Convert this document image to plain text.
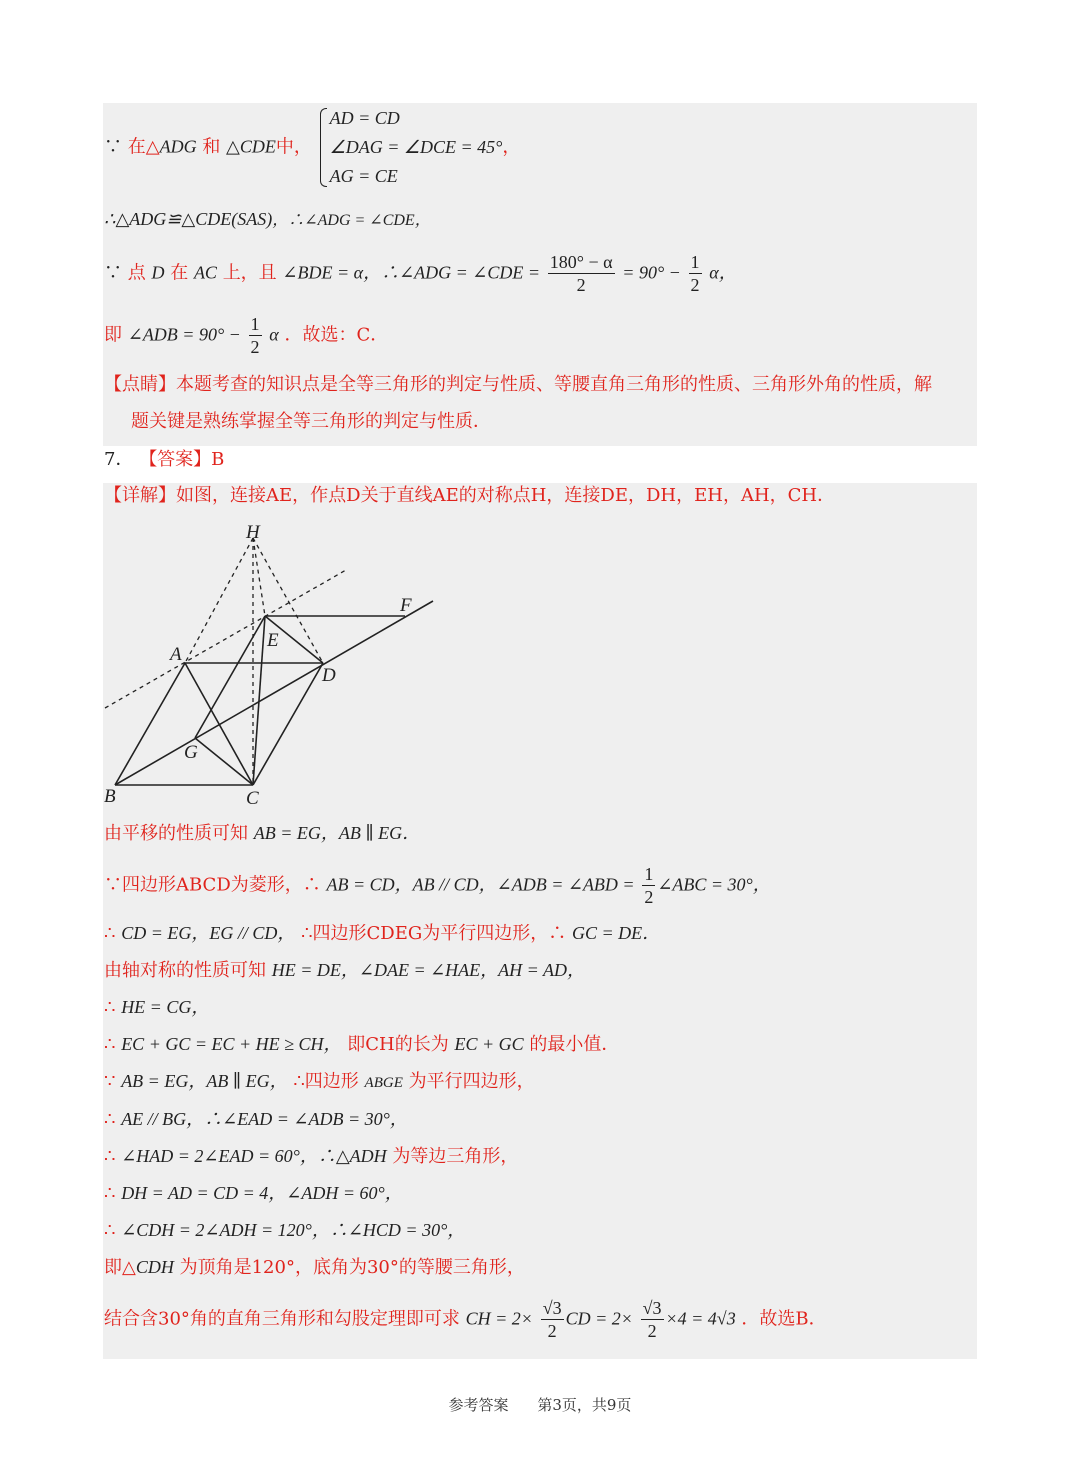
∵ 在△ADG 和 △CDE中，
AD = CD
∠DAG = ∠DCE = 45°
AG = CE
，
∴△ADG≌△CDE(SAS)，∴∠ADG = ∠CDE，
∵ 点 D 在 AC 上，且 ∠BDE = α，∴∠ADG = ∠CDE = $\frac{180^\circ - \alpha}{2} = 90^\circ - \frac{1}{2}$ α，
即 ∠ADB = $90^\circ - \frac{1}{2}$ α ．故选：C．
【点睛】本题考查的知识点是全等三角形的判定与性质、等腰直角三角形的性质、三角形外角的性质，解
题关键是熟练掌握全等三角形的判定与性质．
7． 【答案】B
【详解】如图，连接AE，作点D关于直线AE的对称点H，连接DE，DH，EH，AH，CH．
H
F
E
A
D
G
B	C
由平移的性质可知 AB = EG，AB ∥ EG．
∵四边形ABCD为菱形，∴ AB = CD，AB // CD，∠ADB = ∠ABD = $\frac{1}{2}$ ∠ABC = 30°，
∴ CD = EG，EG // CD， ∴四边形CDEG为平行四边形，∴ GC = DE．
由轴对称的性质可知 HE = DE，∠DAE = ∠HAE，AH = AD，
∴ HE = CG，
∴ EC + GC = EC + HE ≥ CH， 即CH的长为 EC + GC 的最小值．
∵ AB = EG，AB ∥ EG， ∴四边形 ABGE 为平行四边形，
∴ AE // BG，∴∠EAD = ∠ADB = 30°，
∴ ∠HAD = 2∠EAD = 60°，∴△ADH 为等边三角形，
∴ DH = AD = CD = 4，∠ADH = 60°，
∴ ∠CDH = 2∠ADH = 120°，∴∠HCD = 30°，
即△CDH 为顶角是120°，底角为30°的等腰三角形，
结合含30°角的直角三角形和勾股定理即可求 CH = $2\times \frac{√3}{2}$ CD = $2\times \frac{√3}{2} \times 4 = 4√3$ ．故选B．
参考答案 第3页，共9页
